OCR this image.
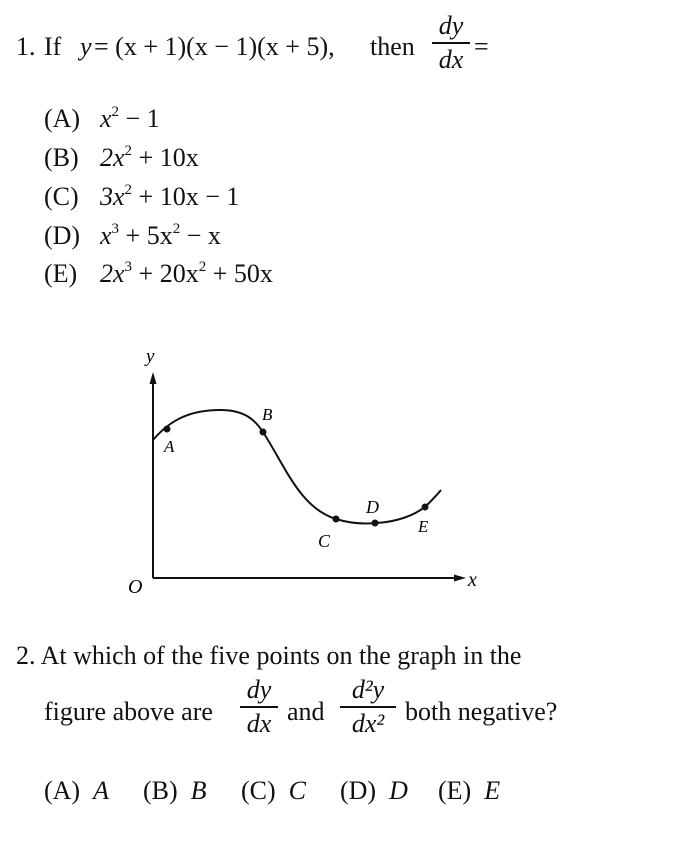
1. If y = (x + 1)(x − 1)(x + 5), then
dy
dx =
(A) $x^2 - 1$
(B) $2x^2 + 10x$
(C) $3x^2 + 10x - 1$
(D) $x^3 + 5x^2 - x$
(E) $2x^3 + 20x^2 + 50x$
y
x
O
A
B
C
D
E
2. At which of the five points on the graph in the
figure above are
dy
dx and
d²y
dx² both negative?
(A) A (B) B (C) C (D) D (E) E
